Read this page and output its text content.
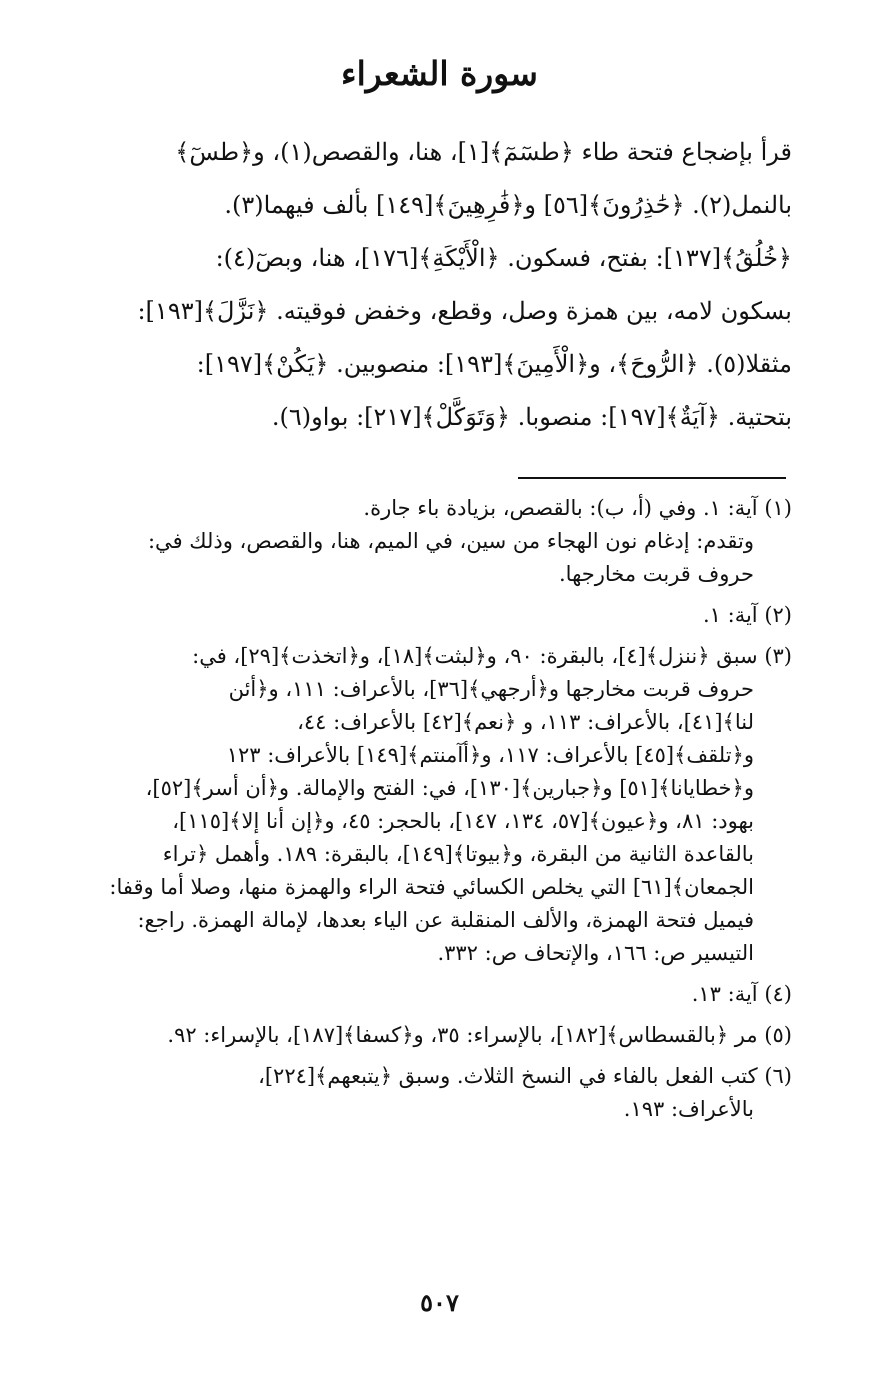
سورة الشعراء
قرأ بإضجاع فتحة طاء ﴿طسٓمٓ﴾[١]، هنا، والقصص(١)، و﴿طسٓ﴾
بالنمل(٢). ﴿حَٰذِرُونَ﴾[٥٦] و﴿فَٰرِهِينَ﴾[١٤٩] بألف فيهما(٣).
﴿خُلُقُ﴾[١٣٧]: بفتح، فسكون. ﴿الْأَيْكَةِ﴾[١٧٦]، هنا، وبصٓ(٤):
بسكون لامه، بين همزة وصل، وقطع، وخفض فوقيته. ﴿نَزَّلَ﴾[١٩٣]:
مثقلا(٥). ﴿الرُّوحَ﴾، و﴿الْأَمِينَ﴾[١٩٣]: منصوبين. ﴿يَكُنْ﴾[١٩٧]:
بتحتية. ﴿آيَةٌ﴾[١٩٧]: منصوبا. ﴿وَتَوَكَّلْ﴾[٢١٧]: بواو(٦).
(١) آية: ١. وفي (أ، ب): بالقصص، بزيادة باء جارة.
وتقدم: إدغام نون الهجاء من سين، في الميم، هنا، والقصص، وذلك في:
حروف قربت مخارجها.
(٢) آية: ١.
(٣) سبق ﴿ننزل﴾[٤]، بالبقرة: ٩٠، و﴿لبثت﴾[١٨]، و﴿اتخذت﴾[٢٩]، في:
حروف قربت مخارجها و﴿أرجهي﴾[٣٦]، بالأعراف: ١١١، و﴿أئن
لنا﴾[٤١]، بالأعراف: ١١٣، و ﴿نعم﴾[٤٢] بالأعراف: ٤٤،
و﴿تلقف﴾[٤٥] بالأعراف: ١١٧، و﴿أآمنتم﴾[١٤٩] بالأعراف: ١٢٣
و﴿خطايانا﴾[٥١] و﴿جبارين﴾[١٣٠]، في: الفتح والإمالة. و﴿أن أسر﴾[٥٢]،
بهود: ٨١، و﴿عيون﴾[٥٧، ١٣٤، ١٤٧]، بالحجر: ٤٥، و﴿إن أنا إلا﴾[١١٥]،
بالقاعدة الثانية من البقرة، و﴿بيوتا﴾[١٤٩]، بالبقرة: ١٨٩. وأهمل ﴿تراء
الجمعان﴾[٦١] التي يخلص الكسائي فتحة الراء والهمزة منها، وصلا أما وقفا:
فيميل فتحة الهمزة، والألف المنقلبة عن الياء بعدها، لإمالة الهمزة. راجع:
التيسير ص: ١٦٦، والإتحاف ص: ٣٣٢.
(٤) آية: ١٣.
(٥) مر ﴿بالقسطاس﴾[١٨٢]، بالإسراء: ٣٥، و﴿كسفا﴾[١٨٧]، بالإسراء: ٩٢.
(٦) كتب الفعل بالفاء في النسخ الثلاث. وسبق ﴿يتبعهم﴾[٢٢٤]،
بالأعراف: ١٩٣.
٥٠٧
